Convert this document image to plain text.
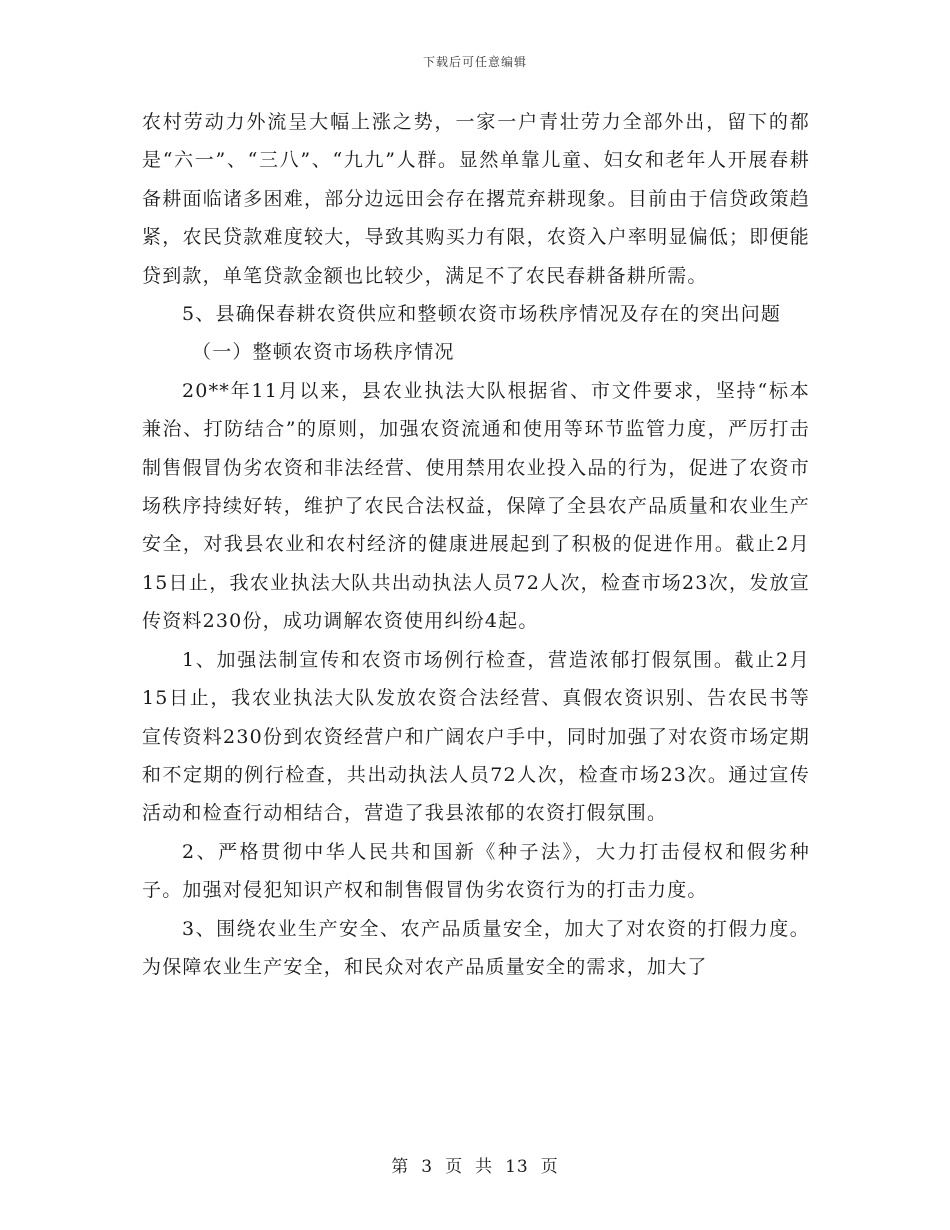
下载后可任意编辑

农村劳动力外流呈大幅上涨之势，一家一户青壮劳力全部外出，留下的都是“六一”、“三八”、“九九”人群。显然单靠儿童、妇女和老年人开展春耕备耕面临诸多困难，部分边远田会存在撂荒弃耕现象。目前由于信贷政策趋紧，农民贷款难度较大，导致其购买力有限，农资入户率明显偏低；即便能贷到款，单笔贷款金额也比较少，满足不了农民春耕备耕所需。

5、县确保春耕农资供应和整顿农资市场秩序情况及存在的突出问题

（一）整顿农资市场秩序情况

20**年11月以来，县农业执法大队根据省、市文件要求，坚持“标本兼治、打防结合”的原则，加强农资流通和使用等环节监管力度，严厉打击制售假冒伪劣农资和非法经营、使用禁用农业投入品的行为，促进了农资市场秩序持续好转，维护了农民合法权益，保障了全县农产品质量和农业生产安全，对我县农业和农村经济的健康进展起到了积极的促进作用。截止2月15日止，我农业执法大队共出动执法人员72人次，检查市场23次，发放宣传资料230份，成功调解农资使用纠纷4起。

1、加强法制宣传和农资市场例行检查，营造浓郁打假氛围。截止2月15日止，我农业执法大队发放农资合法经营、真假农资识别、告农民书等宣传资料230份到农资经营户和广阔农户手中，同时加强了对农资市场定期和不定期的例行检查，共出动执法人员72人次，检查市场23次。通过宣传活动和检查行动相结合，营造了我县浓郁的农资打假氛围。

2、严格贯彻中华人民共和国新《种子法》，大力打击侵权和假劣种子。加强对侵犯知识产权和制售假冒伪劣农资行为的打击力度。

3、围绕农业生产安全、农产品质量安全，加大了对农资的打假力度。为保障农业生产安全，和民众对农产品质量安全的需求，加大了

第 3 页 共 13 页
